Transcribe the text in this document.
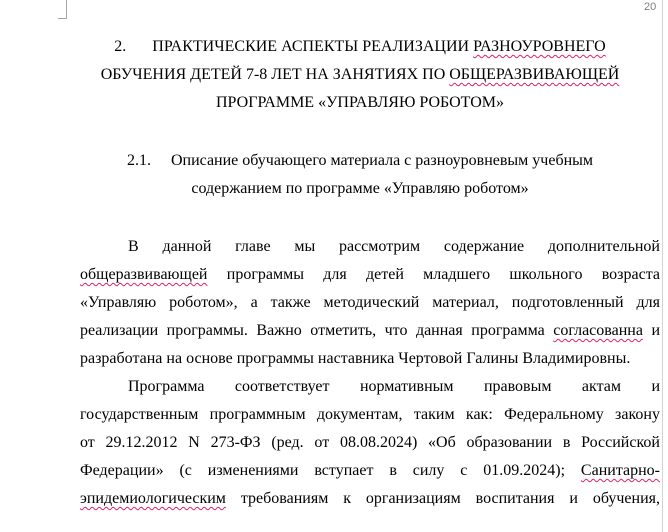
20
2. ПРАКТИЧЕСКИЕ АСПЕКТЫ РЕАЛИЗАЦИИ РАЗНОУРОВНЕГО
ОБУЧЕНИЯ ДЕТЕЙ 7-8 ЛЕТ НА ЗАНЯТИЯХ ПО ОБЩЕРАЗВИВАЮЩЕЙ
ПРОГРАММЕ «УПРАВЛЯЮ РОБОТОМ»
2.1. Описание обучающего материала с разноуровневым учебным
содержанием по программе «Управляю роботом»
В данной главе мы рассмотрим содержание дополнительной
общеразвивающей программы для детей младшего школьного возраста
«Управляю роботом», а также методический материал, подготовленный для
реализации программы. Важно отметить, что данная программа согласованна и
разработана на основе программы наставника Чертовой Галины Владимировны.
Программа соответствует нормативным правовым актам и
государственным программным документам, таким как: Федеральному закону
от 29.12.2012 N 273-ФЗ (ред. от 08.08.2024) «Об образовании в Российской
Федерации» (с изменениями вступает в силу с 01.09.2024); Санитарно-
эпидемиологическим требованиям к организациям воспитания и обучения,
